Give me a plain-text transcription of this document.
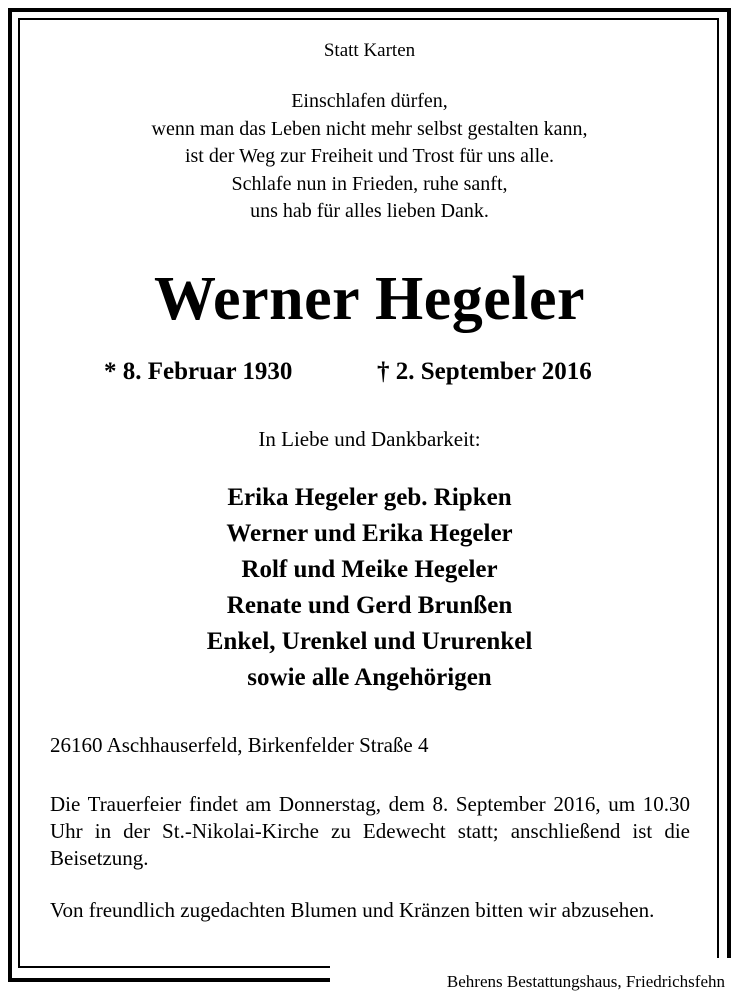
Statt Karten
Einschlafen dürfen,
wenn man das Leben nicht mehr selbst gestalten kann,
ist der Weg zur Freiheit und Trost für uns alle.
Schlafe nun in Frieden, ruhe sanft,
uns hab für alles lieben Dank.
Werner Hegeler
* 8. Februar 1930	† 2. September 2016
In Liebe und Dankbarkeit:
Erika Hegeler geb. Ripken
Werner und Erika Hegeler
Rolf und Meike Hegeler
Renate und Gerd Brunßen
Enkel, Urenkel und Ururenkel
sowie alle Angehörigen
26160 Aschhauserfeld, Birkenfelder Straße 4
Die Trauerfeier findet am Donnerstag, dem 8. September 2016, um 10.30 Uhr in der St.-Nikolai-Kirche zu Edewecht statt; anschließend ist die Beisetzung.
Von freundlich zugedachten Blumen und Kränzen bitten wir abzusehen.
Behrens Bestattungshaus, Friedrichsfehn
